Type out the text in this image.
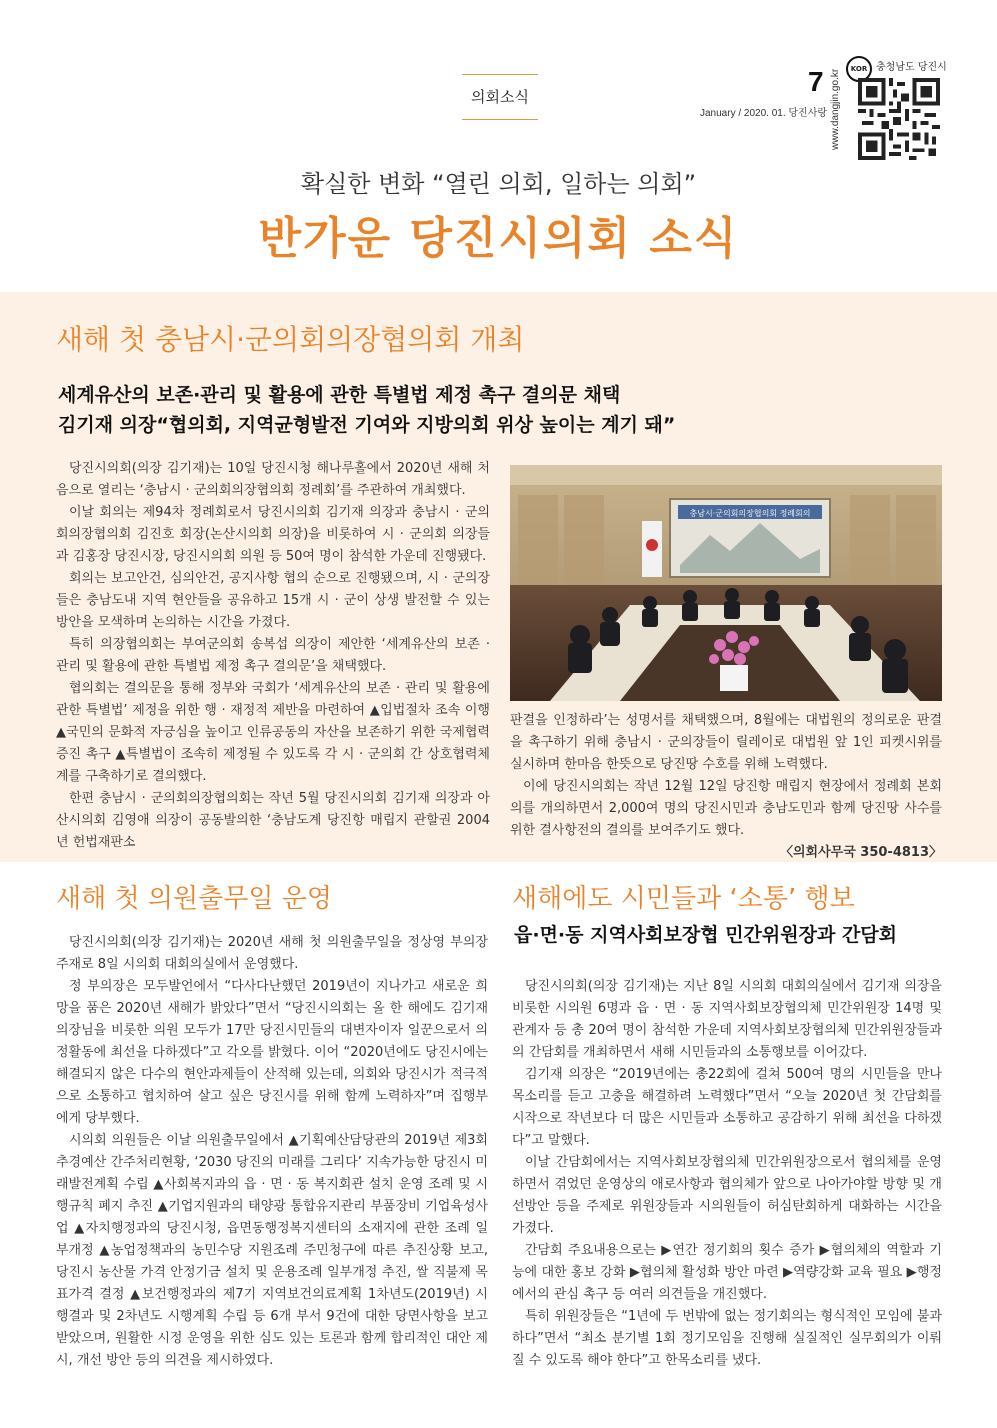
의회소식	7
January / 2020. 01. 당진사랑 www.dangjin.go.kr	KOR 충청남도 당진시
확실한 변화 “열린 의회, 일하는 의회”
반가운 당진시의회 소식
새해 첫 충남시·군의회의장협의회 개최
세계유산의 보존·관리 및 활용에 관한 특별법 제정 촉구 결의문 채택
김기재 의장“협의회, 지역균형발전 기여와 지방의회 위상 높이는 계기 돼”

당진시의회(의장 김기재)는 10일 당진시청 해나루홀에서 2020년 새해 처음으로 열리는 ‘충남시 · 군의회의장협의회 정례회’를 주관하여 개최했다.

이날 회의는 제94차 정례회로서 당진시의회 김기재 의장과 충남시 · 군의회의장협의회 김진호 회장(논산시의회 의장)을 비롯하여 시 · 군의회 의장들과 김홍장 당진시장, 당진시의회 의원 등 50여 명이 참석한 가운데 진행됐다.

회의는 보고안건, 심의안건, 공지사항 협의 순으로 진행됐으며, 시 · 군의장들은 충남도내 지역 현안들을 공유하고 15개 시 · 군이 상생 발전할 수 있는 방안을 모색하며 논의하는 시간을 가졌다.

특히 의장협의회는 부여군의회 송복섭 의장이 제안한 ‘세계유산의 보존 · 관리 및 활용에 관한 특별법 제정 촉구 결의문’을 채택했다.

협의회는 결의문을 통해 정부와 국회가 ‘세계유산의 보존 · 관리 및 활용에 관한 특별법’ 제정을 위한 행 · 재정적 제반을 마련하여 ▲입법절차 조속 이행 ▲국민의 문화적 자긍심을 높이고 인류공동의 자산을 보존하기 위한 국제협력 증진 촉구 ▲특별법이 조속히 제정될 수 있도록 각 시 · 군의회 간 상호협력체계를 구축하기로 결의했다.

한편 충남시 · 군의회의장협의회는 작년 5월 당진시의회 김기재 의장과 아산시의회 김영애 의장이 공동발의한 ‘충남도계 당진항 매립지 관할권 2004년 헌법재판소

충남시·군의회의장협의회 정례회의

판결을 인정하라’는 성명서를 채택했으며, 8월에는 대법원의 정의로운 판결을 촉구하기 위해 충남시 · 군의장들이 릴레이로 대법원 앞 1인 피켓시위를 실시하며 한마음 한뜻으로 당진땅 수호를 위해 노력했다.

이에 당진시의회는 작년 12월 12일 당진항 매립지 현장에서 정례회 본회의를 개의하면서 2,000여 명의 당진시민과 충남도민과 함께 당진땅 사수를 위한 결사항전의 결의를 보여주기도 했다.

〈의회사무국 350-4813〉

새해 첫 의원출무일 운영

당진시의회(의장 김기재)는 2020년 새해 첫 의원출무일을 정상영 부의장 주재로 8일 시의회 대회의실에서 운영했다.

정 부의장은 모두발언에서 “다사다난했던 2019년이 지나가고 새로운 희망을 품은 2020년 새해가 밝았다”면서 “당진시의회는 올 한 해에도 김기재 의장님을 비롯한 의원 모두가 17만 당진시민들의 대변자이자 일꾼으로서 의정활동에 최선을 다하겠다”고 각오를 밝혔다. 이어 “2020년에도 당진시에는 해결되지 않은 다수의 현안과제들이 산적해 있는데, 의회와 당진시가 적극적으로 소통하고 협치하여 살고 싶은 당진시를 위해 함께 노력하자”며 집행부에게 당부했다.

시의회 의원들은 이날 의원출무일에서 ▲기획예산담당관의 2019년 제3회 추경예산 간주처리현황, ‘2030 당진의 미래를 그리다’ 지속가능한 당진시 미래발전계획 수립 ▲사회복지과의 읍 · 면 · 동 복지회관 설치 운영 조례 및 시행규칙 폐지 추진 ▲기업지원과의 태양광 통합유지관리 부품장비 기업육성사업 ▲자치행정과의 당진시청, 읍면동행정복지센터의 소재지에 관한 조례 일부개정 ▲농업정책과의 농민수당 지원조례 주민청구에 따른 추진상황 보고, 당진시 농산물 가격 안정기금 설치 및 운용조례 일부개정 추진, 쌀 직불제 목표가격 결정 ▲보건행정과의 제7기 지역보건의료계획 1차년도(2019년) 시행결과 및 2차년도 시행계획 수립 등 6개 부서 9건에 대한 당면사항을 보고 받았으며, 원활한 시정 운영을 위한 심도 있는 토론과 함께 합리적인 대안 제시, 개선 방안 등의 의견을 제시하였다.

새해에도 시민들과 ‘소통’ 행보
읍·면·동 지역사회보장협 민간위원장과 간담회

당진시의회(의장 김기재)는 지난 8일 시의회 대회의실에서 김기재 의장을 비롯한 시의원 6명과 읍 · 면 · 동 지역사회보장협의체 민간위원장 14명 및 관계자 등 총 20여 명이 참석한 가운데 지역사회보장협의체 민간위원장들과의 간담회를 개최하면서 새해 시민들과의 소통행보를 이어갔다.

김기재 의장은 “2019년에는 총22회에 걸쳐 500여 명의 시민들을 만나 목소리를 듣고 고충을 해결하려 노력했다”면서 “오늘 2020년 첫 간담회를 시작으로 작년보다 더 많은 시민들과 소통하고 공감하기 위해 최선을 다하겠다”고 말했다.

이날 간담회에서는 지역사회보장협의체 민간위원장으로서 협의체를 운영하면서 겪었던 운영상의 애로사항과 협의체가 앞으로 나아가야할 방향 및 개선방안 등을 주제로 위원장들과 시의원들이 허심탄회하게 대화하는 시간을 가졌다.

간담회 주요내용으로는 ▶연간 정기회의 횟수 증가 ▶협의체의 역할과 기능에 대한 홍보 강화 ▶협의체 활성화 방안 마련 ▶역량강화 교육 필요 ▶행정에서의 관심 촉구 등 여러 의견들을 개진했다.

특히 위원장들은 “1년에 두 번밖에 없는 정기회의는 형식적인 모임에 불과하다”면서 “최소 분기별 1회 정기모임을 진행해 실질적인 실무회의가 이뤄질 수 있도록 해야 한다”고 한목소리를 냈다.
